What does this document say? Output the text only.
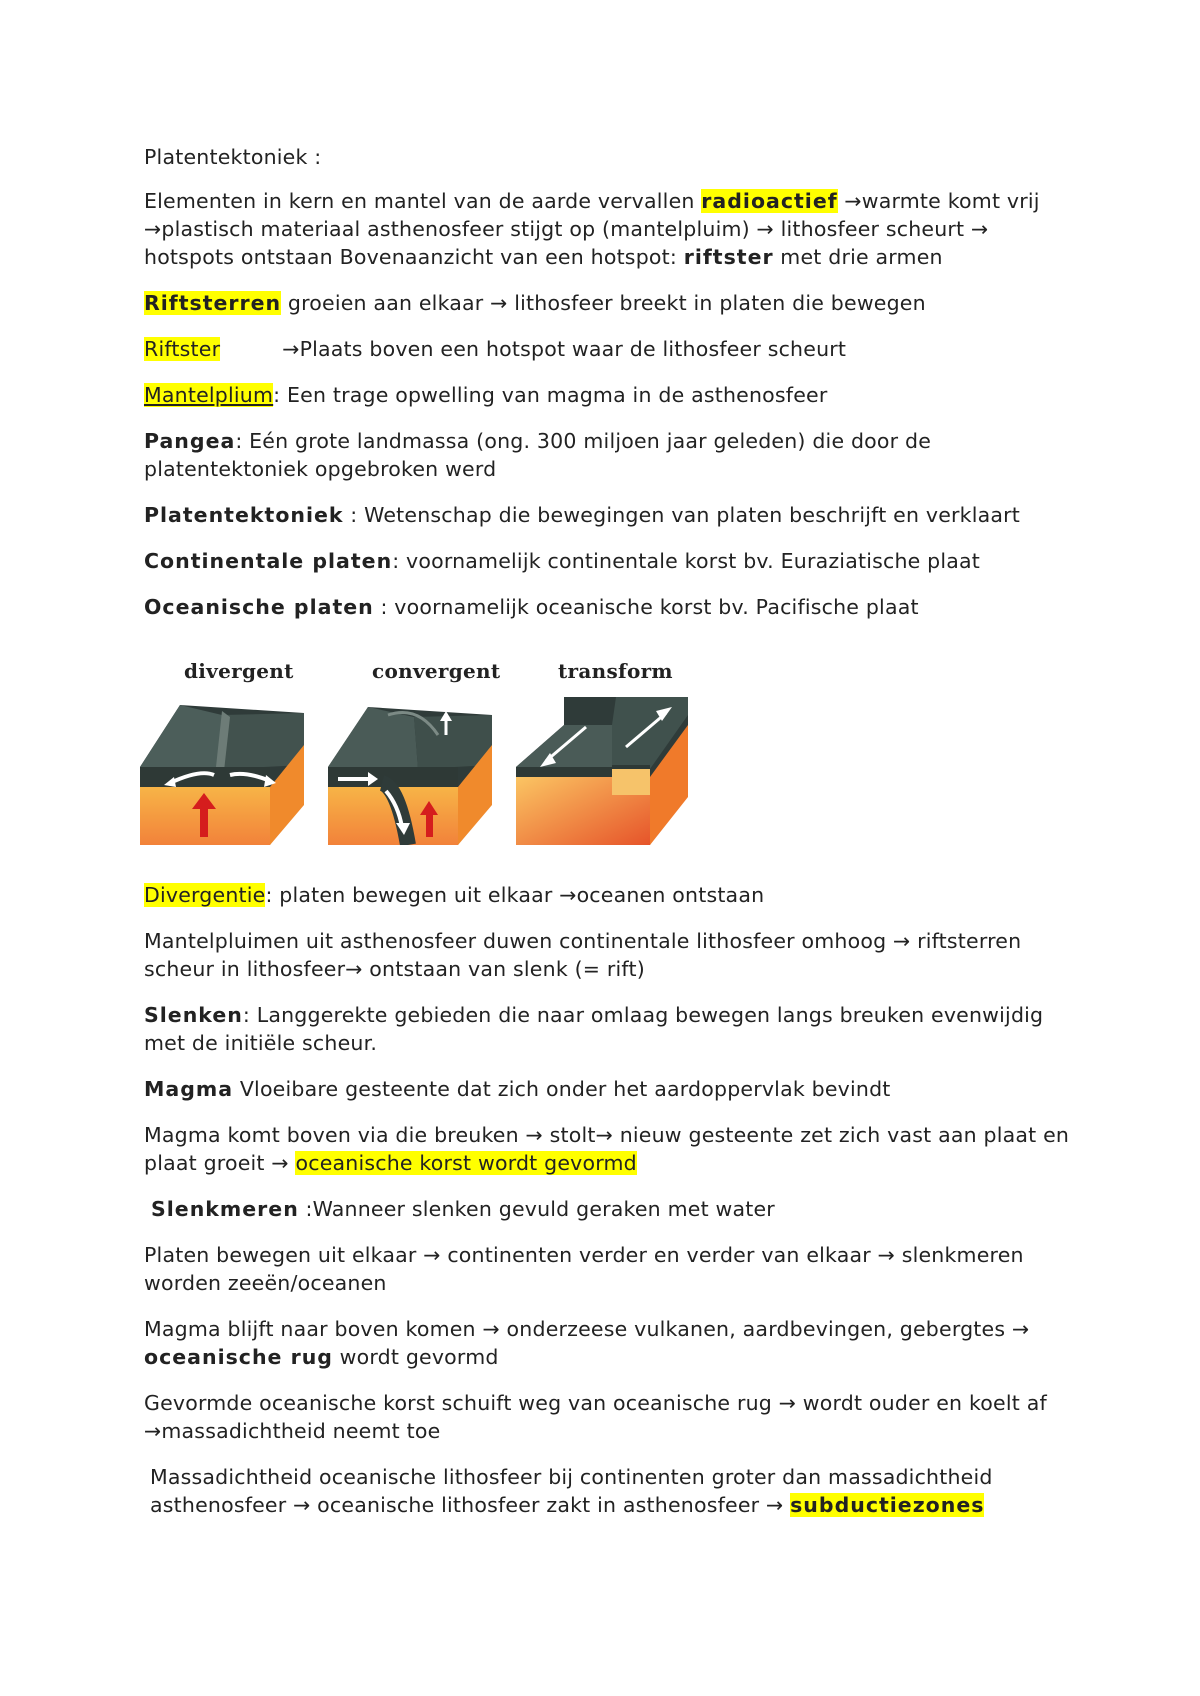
Platentektoniek :

Elementen in kern en mantel van de aarde vervallen radioactief →warmte komt vrij →plastisch materiaal asthenosfeer stijgt op (mantelpluim) → lithosfeer scheurt → hotspots ontstaan Bovenaanzicht van een hotspot: riftster met drie armen

Riftsterren groeien aan elkaar → lithosfeer breekt in platen die bewegen

Riftster	→Plaats boven een hotspot waar de lithosfeer scheurt

Mantelplium: Een trage opwelling van magma in de asthenosfeer

Pangea: Eén grote landmassa (ong. 300 miljoen jaar geleden) die door de platentektoniek opgebroken werd

Platentektoniek : Wetenschap die bewegingen van platen beschrijft en verklaart

Continentale platen: voornamelijk continentale korst bv. Euraziatische plaat

Oceanische platen : voornamelijk oceanische korst bv. Pacifische plaat

divergent	convergent	transform

Divergentie: platen bewegen uit elkaar →oceanen ontstaan

Mantelpluimen uit asthenosfeer duwen continentale lithosfeer omhoog → riftsterren scheur in lithosfeer→ ontstaan van slenk (= rift)

Slenken: Langgerekte gebieden die naar omlaag bewegen langs breuken evenwijdig met de initiële scheur.

Magma Vloeibare gesteente dat zich onder het aardoppervlak bevindt

Magma komt boven via die breuken → stolt→ nieuw gesteente zet zich vast aan plaat en plaat groeit → oceanische korst wordt gevormd

Slenkmeren :Wanneer slenken gevuld geraken met water

Platen bewegen uit elkaar → continenten verder en verder van elkaar → slenkmeren worden zeeën/oceanen

Magma blijft naar boven komen → onderzeese vulkanen, aardbevingen, gebergtes → oceanische rug wordt gevormd

Gevormde oceanische korst schuift weg van oceanische rug → wordt ouder en koelt af →massadichtheid neemt toe

Massadichtheid oceanische lithosfeer bij continenten groter dan massadichtheid asthenosfeer → oceanische lithosfeer zakt in asthenosfeer → subductiezones
